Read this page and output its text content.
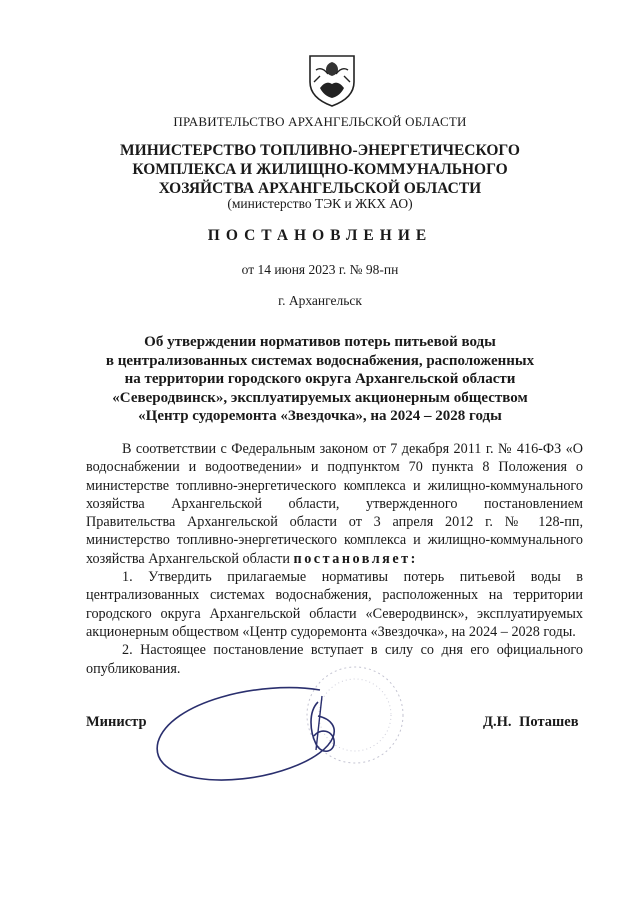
ПРАВИТЕЛЬСТВО АРХАНГЕЛЬСКОЙ ОБЛАСТИ
МИНИСТЕРСТВО ТОПЛИВНО-ЭНЕРГЕТИЧЕСКОГО
КОМПЛЕКСА И ЖИЛИЩНО-КОММУНАЛЬНОГО
ХОЗЯЙСТВА АРХАНГЕЛЬСКОЙ ОБЛАСТИ
(министерство ТЭК и ЖКХ АО)
ПОСТАНОВЛЕНИЕ
от 14 июня 2023 г. № 98-пн
г. Архангельск
Об утверждении нормативов потерь питьевой воды
в централизованных системах водоснабжения, расположенных
на территории городского округа Архангельской области
«Северодвинск», эксплуатируемых акционерным обществом
«Центр судоремонта «Звездочка», на 2024 – 2028 годы

В соответствии с Федеральным законом от 7 декабря 2011 г. № 416-ФЗ «О водоснабжении и водоотведении» и подпунктом 70 пункта 8 Положения о министерстве топливно-энергетического комплекса и жилищно-коммунального хозяйства Архангельской области, утвержденного постановлением Правительства Архангельской области от 3 апреля 2012 г. № 128-пп, министерство топливно-энергетического комплекса и жилищно-коммунального хозяйства Архангельской области постановляет:

1. Утвердить прилагаемые нормативы потерь питьевой воды в централизованных системах водоснабжения, расположенных на территории городского округа Архангельской области «Северодвинск», эксплуатируемых акционерным обществом «Центр судоремонта «Звездочка», на 2024 – 2028 годы.

2. Настоящее постановление вступает в силу со дня его официального опубликования.

Министр	Д.Н. Поташев
